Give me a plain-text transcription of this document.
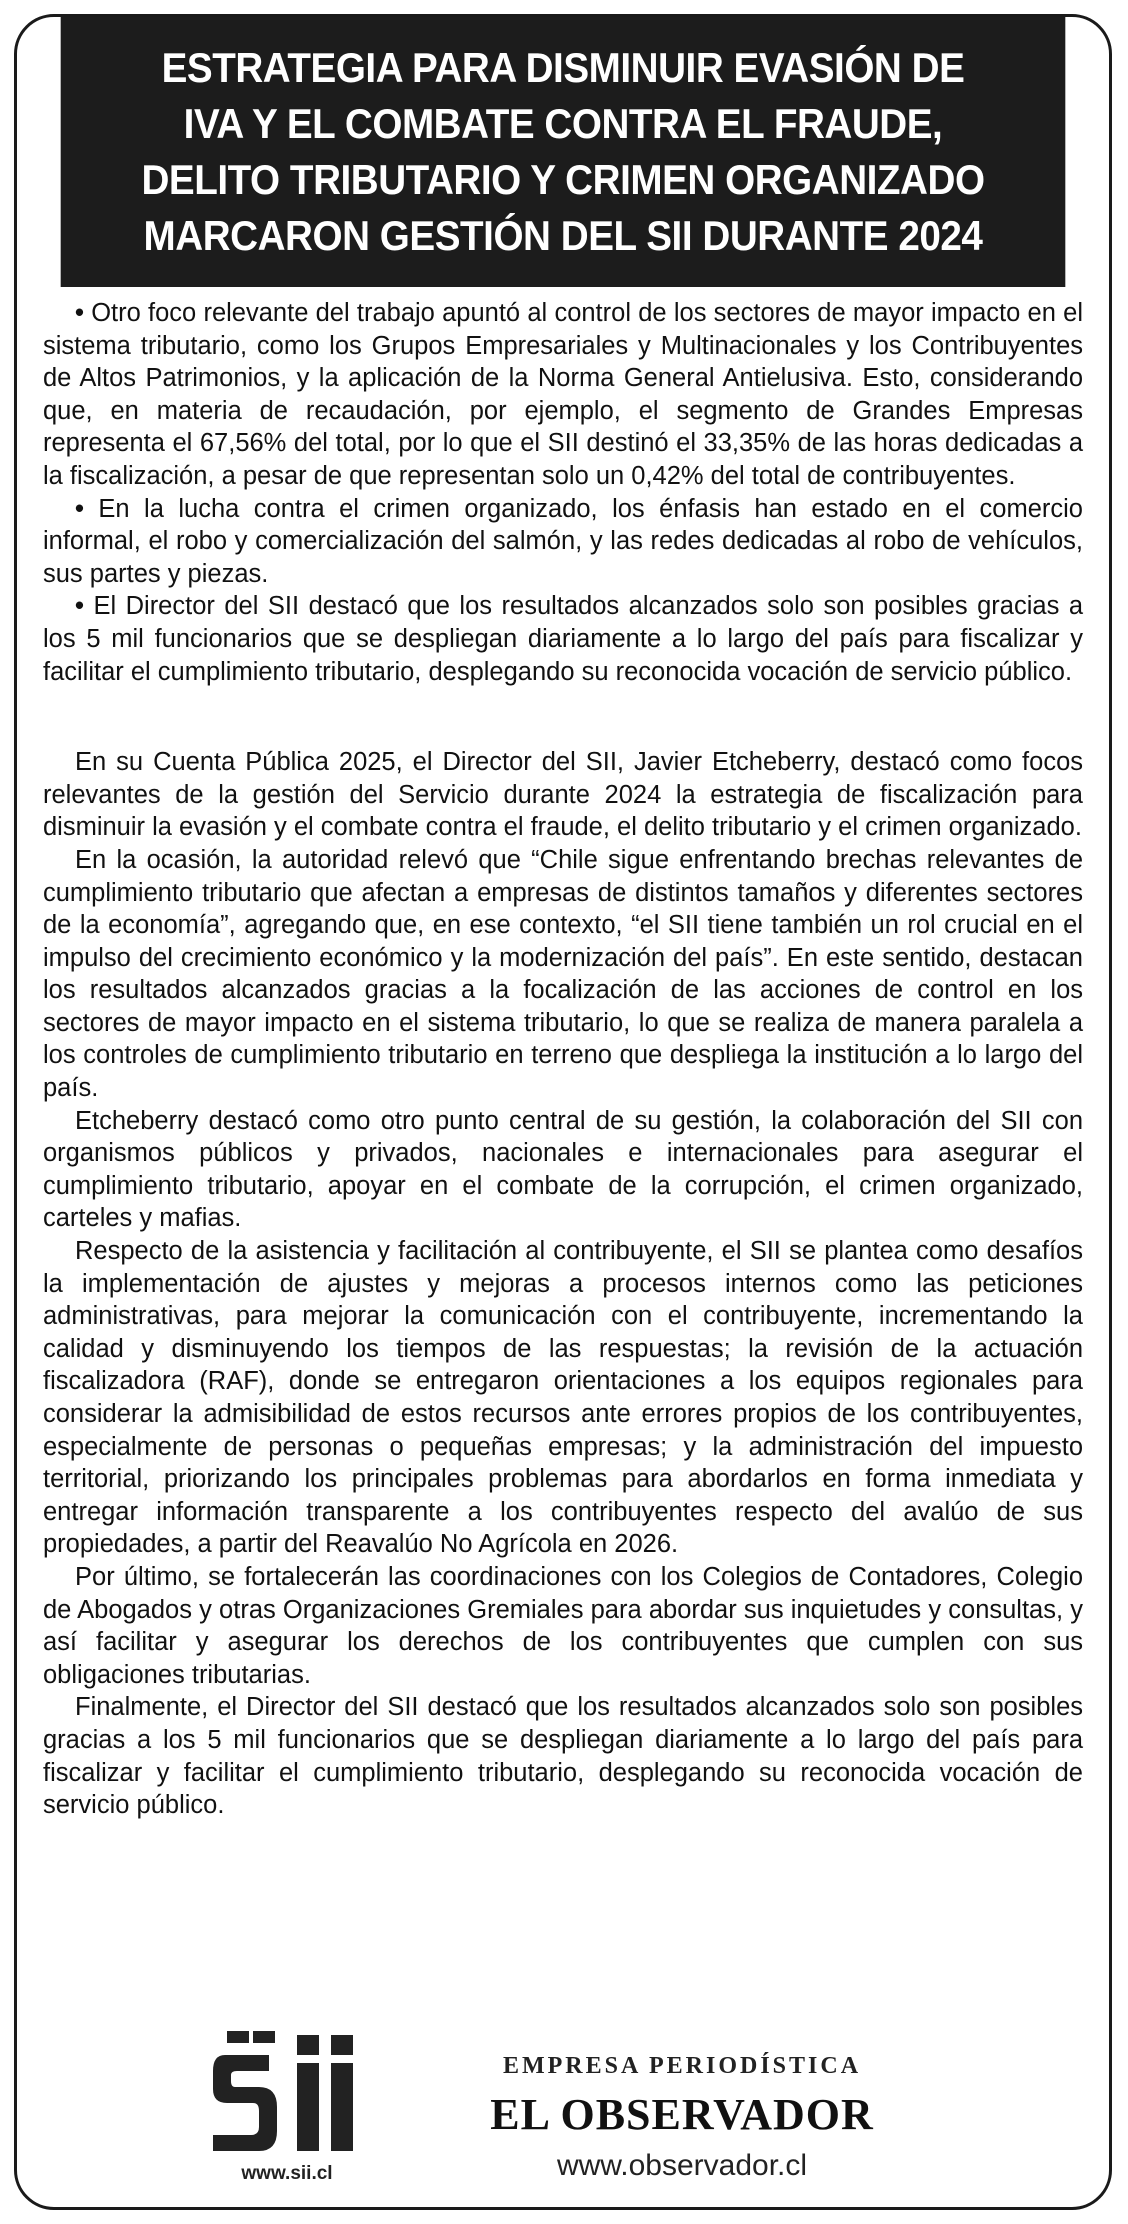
ESTRATEGIA PARA DISMINUIR EVASIÓN DE
IVA Y EL COMBATE CONTRA EL FRAUDE,
DELITO TRIBUTARIO Y CRIMEN ORGANIZADO
MARCARON GESTIÓN DEL SII DURANTE 2024

• Otro foco relevante del trabajo apuntó al control de los sectores de mayor impacto en el sistema tributario, como los Grupos Empresariales y Multinacionales y los Contribuyentes de Altos Patrimonios, y la aplicación de la Norma General Antielusiva. Esto, considerando que, en materia de recaudación, por ejemplo, el segmento de Grandes Empresas representa el 67,56% del total, por lo que el SII destinó el 33,35% de las horas dedicadas a la fiscalización, a pesar de que representan solo un 0,42% del total de contribuyentes.

• En la lucha contra el crimen organizado, los énfasis han estado en el comercio informal, el robo y comercialización del salmón, y las redes dedicadas al robo de vehículos, sus partes y piezas.

• El Director del SII destacó que los resultados alcanzados solo son posibles gracias a los 5 mil funcionarios que se despliegan diariamente a lo largo del país para fiscalizar y facilitar el cumplimiento tributario, desplegando su reconocida vocación de servicio público.

En su Cuenta Pública 2025, el Director del SII, Javier Etcheberry, destacó como focos relevantes de la gestión del Servicio durante 2024 la estrategia de fiscalización para disminuir la evasión y el combate contra el fraude, el delito tributario y el crimen organizado.

En la ocasión, la autoridad relevó que “Chile sigue enfrentando brechas relevantes de cumplimiento tributario que afectan a empresas de distintos tamaños y diferentes sectores de la economía”, agregando que, en ese contexto, “el SII tiene también un rol crucial en el impulso del crecimiento económico y la modernización del país”. En este sentido, destacan los resultados alcanzados gracias a la focalización de las acciones de control en los sectores de mayor impacto en el sistema tributario, lo que se realiza de manera paralela a los controles de cumplimiento tributario en terreno que despliega la institución a lo largo del país.

Etcheberry destacó como otro punto central de su gestión, la colaboración del SII con organismos públicos y privados, nacionales e internacionales para asegurar el cumplimiento tributario, apoyar en el combate de la corrupción, el crimen organizado, carteles y mafias.

Respecto de la asistencia y facilitación al contribuyente, el SII se plantea como desafíos la implementación de ajustes y mejoras a procesos internos como las peticiones administrativas, para mejorar la comunicación con el contribuyente, incrementando la calidad y disminuyendo los tiempos de las respuestas; la revisión de la actuación fiscalizadora (RAF), donde se entregaron orientaciones a los equipos regionales para considerar la admisibilidad de estos recursos ante errores propios de los contribuyentes, especialmente de personas o pequeñas empresas; y la administración del impuesto territorial, priorizando los principales problemas para abordarlos en forma inmediata y entregar información transparente a los contribuyentes respecto del avalúo de sus propiedades, a partir del Reavalúo No Agrícola en 2026.

Por último, se fortalecerán las coordinaciones con los Colegios de Contadores, Colegio de Abogados y otras Organizaciones Gremiales para abordar sus inquietudes y consultas, y así facilitar y asegurar los derechos de los contribuyentes que cumplen con sus obligaciones tributarias.

Finalmente, el Director del SII destacó que los resultados alcanzados solo son posibles gracias a los 5 mil funcionarios que se despliegan diariamente a lo largo del país para fiscalizar y facilitar el cumplimiento tributario, desplegando su reconocida vocación de servicio público.

www.sii.cl
EMPRESA PERIODÍSTICA
EL OBSERVADOR
www.observador.cl
